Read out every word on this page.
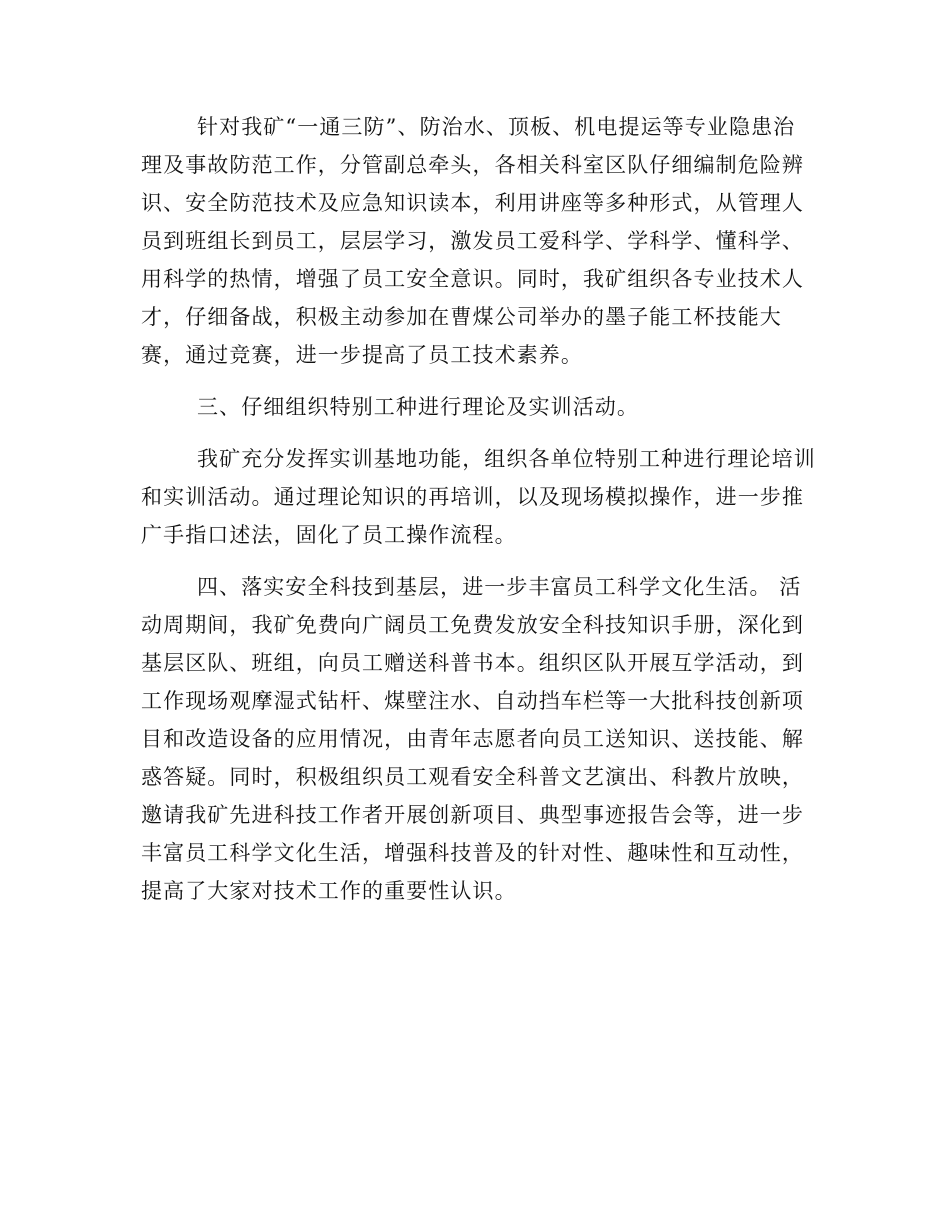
针对我矿“一通三防”、防治水、顶板、机电提运等专业隐患治
理及事故防范工作，分管副总牵头，各相关科室区队仔细编制危险辨
识、安全防范技术及应急知识读本，利用讲座等多种形式，从管理人
员到班组长到员工，层层学习，激发员工爱科学、学科学、懂科学、
用科学的热情，增强了员工安全意识。同时，我矿组织各专业技术人
才，仔细备战，积极主动参加在曹煤公司举办的墨子能工杯技能大
赛，通过竞赛，进一步提高了员工技术素养。
三、仔细组织特别工种进行理论及实训活动。
我矿充分发挥实训基地功能，组织各单位特别工种进行理论培训
和实训活动。通过理论知识的再培训，以及现场模拟操作，进一步推
广手指口述法，固化了员工操作流程。
四、落实安全科技到基层，进一步丰富员工科学文化生活。 活
动周期间，我矿免费向广阔员工免费发放安全科技知识手册，深化到
基层区队、班组，向员工赠送科普书本。组织区队开展互学活动，到
工作现场观摩湿式钻杆、煤壁注水、自动挡车栏等一大批科技创新项
目和改造设备的应用情况，由青年志愿者向员工送知识、送技能、解
惑答疑。同时，积极组织员工观看安全科普文艺演出、科教片放映，
邀请我矿先进科技工作者开展创新项目、典型事迹报告会等，进一步
丰富员工科学文化生活，增强科技普及的针对性、趣味性和互动性，
提高了大家对技术工作的重要性认识。
